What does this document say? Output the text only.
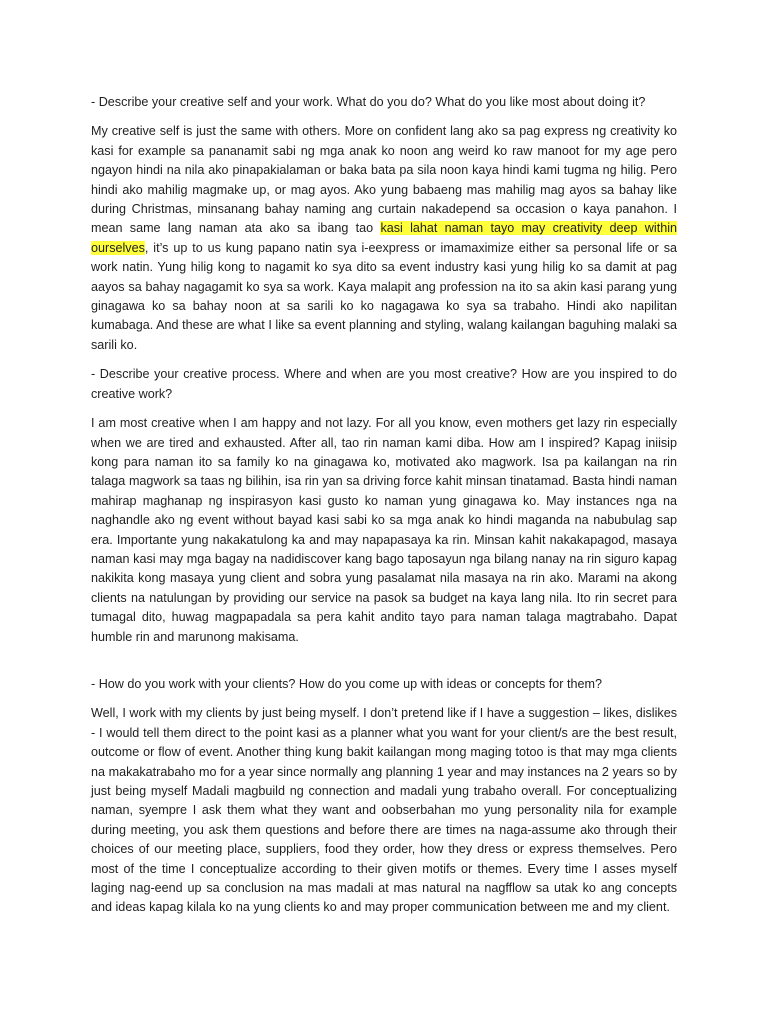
- Describe your creative self and your work. What do you do? What do you like most about doing it?

My creative self is just the same with others. More on confident lang ako sa pag express ng creativity ko kasi for example sa pananamit sabi ng mga anak ko noon ang weird ko raw manoot for my age pero ngayon hindi na nila ako pinapakialaman or baka bata pa sila noon kaya hindi kami tugma ng hilig. Pero hindi ako mahilig magmake up, or mag ayos. Ako yung babaeng mas mahilig mag ayos sa bahay like during Christmas, minsanang bahay naming ang curtain nakadepend sa occasion o kaya panahon. I mean same lang naman ata ako sa ibang tao kasi lahat naman tayo may creativity deep within ourselves, it’s up to us kung papano natin sya i-eexpress or imamaximize either sa personal life or sa work natin. Yung hilig kong to nagamit ko sya dito sa event industry kasi yung hilig ko sa damit at pag aayos sa bahay nagagamit ko sya sa work. Kaya malapit ang profession na ito sa akin kasi parang yung ginagawa ko sa bahay noon at sa sarili ko ko nagagawa ko sya sa trabaho. Hindi ako napilitan kumabaga. And these are what I like sa event planning and styling, walang kailangan baguhing malaki sa sarili ko.

- Describe your creative process. Where and when are you most creative? How are you inspired to do creative work?

I am most creative when I am happy and not lazy. For all you know, even mothers get lazy rin especially when we are tired and exhausted. After all, tao rin naman kami diba. How am I inspired? Kapag iniisip kong para naman ito sa family ko na ginagawa ko, motivated ako magwork. Isa pa kailangan na rin talaga magwork sa taas ng bilihin, isa rin yan sa driving force kahit minsan tinatamad. Basta hindi naman mahirap maghanap ng inspirasyon kasi gusto ko naman yung ginagawa ko. May instances nga na naghandle ako ng event without bayad kasi sabi ko sa mga anak ko hindi maganda na nabubulag sap era. Importante yung nakakatulong ka and may napapasaya ka rin. Minsan kahit nakakapagod, masaya naman kasi may mga bagay na nadidiscover kang bago taposayun nga bilang nanay na rin siguro kapag nakikita kong masaya yung client and sobra yung pasalamat nila masaya na rin ako. Marami na akong clients na natulungan by providing our service na pasok sa budget na kaya lang nila. Ito rin secret para tumagal dito, huwag magpapadala sa pera kahit andito tayo para naman talaga magtrabaho. Dapat humble rin and marunong makisama.

- How do you work with your clients? How do you come up with ideas or concepts for them?

Well, I work with my clients by just being myself. I don’t pretend like if I have a suggestion – likes, dislikes - I would tell them direct to the point kasi as a planner what you want for your client/s are the best result, outcome or flow of event. Another thing kung bakit kailangan mong maging totoo is that may mga clients na makakatrabaho mo for a year since normally ang planning 1 year and may instances na 2 years so by just being myself Madali magbuild ng connection and madali yung trabaho overall. For conceptualizing naman, syempre I ask them what they want and oobserbahan mo yung personality nila for example during meeting, you ask them questions and before there are times na naga-assume ako through their choices of our meeting place, suppliers, food they order, how they dress or express themselves. Pero most of the time I conceptualize according to their given motifs or themes. Every time I asses myself laging nag-eend up sa conclusion na mas madali at mas natural na nagfflow sa utak ko ang concepts and ideas kapag kilala ko na yung clients ko and may proper communication between me and my client.
